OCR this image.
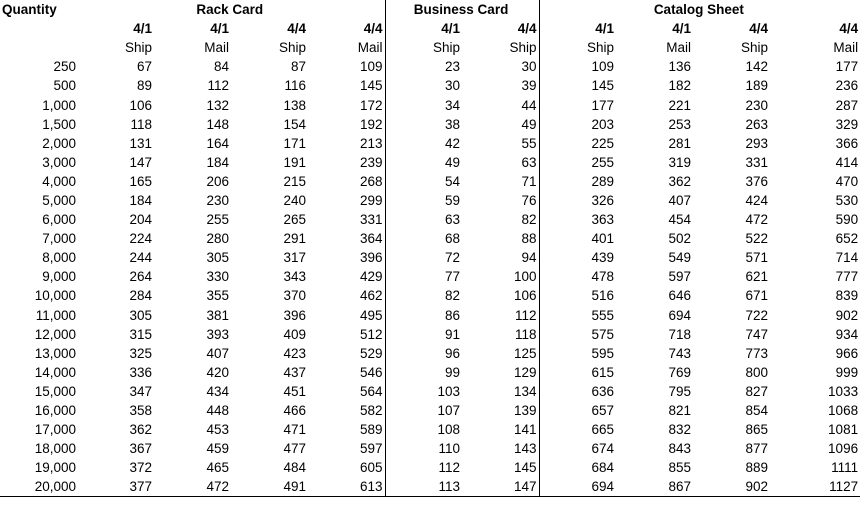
Quantity	Rack Card				Business Card		Catalog Sheet			
	4/1	4/1	4/4	4/4	4/1	4/4	4/1	4/1	4/4	4/4
	Ship	Mail	Ship	Mail	Ship	Ship	Ship	Mail	Ship	Mail
250	67	84	87	109	23	30	109	136	142	177
500	89	112	116	145	30	39	145	182	189	236
1,000	106	132	138	172	34	44	177	221	230	287
1,500	118	148	154	192	38	49	203	253	263	329
2,000	131	164	171	213	42	55	225	281	293	366
3,000	147	184	191	239	49	63	255	319	331	414
4,000	165	206	215	268	54	71	289	362	376	470
5,000	184	230	240	299	59	76	326	407	424	530
6,000	204	255	265	331	63	82	363	454	472	590
7,000	224	280	291	364	68	88	401	502	522	652
8,000	244	305	317	396	72	94	439	549	571	714
9,000	264	330	343	429	77	100	478	597	621	777
10,000	284	355	370	462	82	106	516	646	671	839
11,000	305	381	396	495	86	112	555	694	722	902
12,000	315	393	409	512	91	118	575	718	747	934
13,000	325	407	423	529	96	125	595	743	773	966
14,000	336	420	437	546	99	129	615	769	800	999
15,000	347	434	451	564	103	134	636	795	827	1033
16,000	358	448	466	582	107	139	657	821	854	1068
17,000	362	453	471	589	108	141	665	832	865	1081
18,000	367	459	477	597	110	143	674	843	877	1096
19,000	372	465	484	605	112	145	684	855	889	1111
20,000	377	472	491	613	113	147	694	867	902	1127
